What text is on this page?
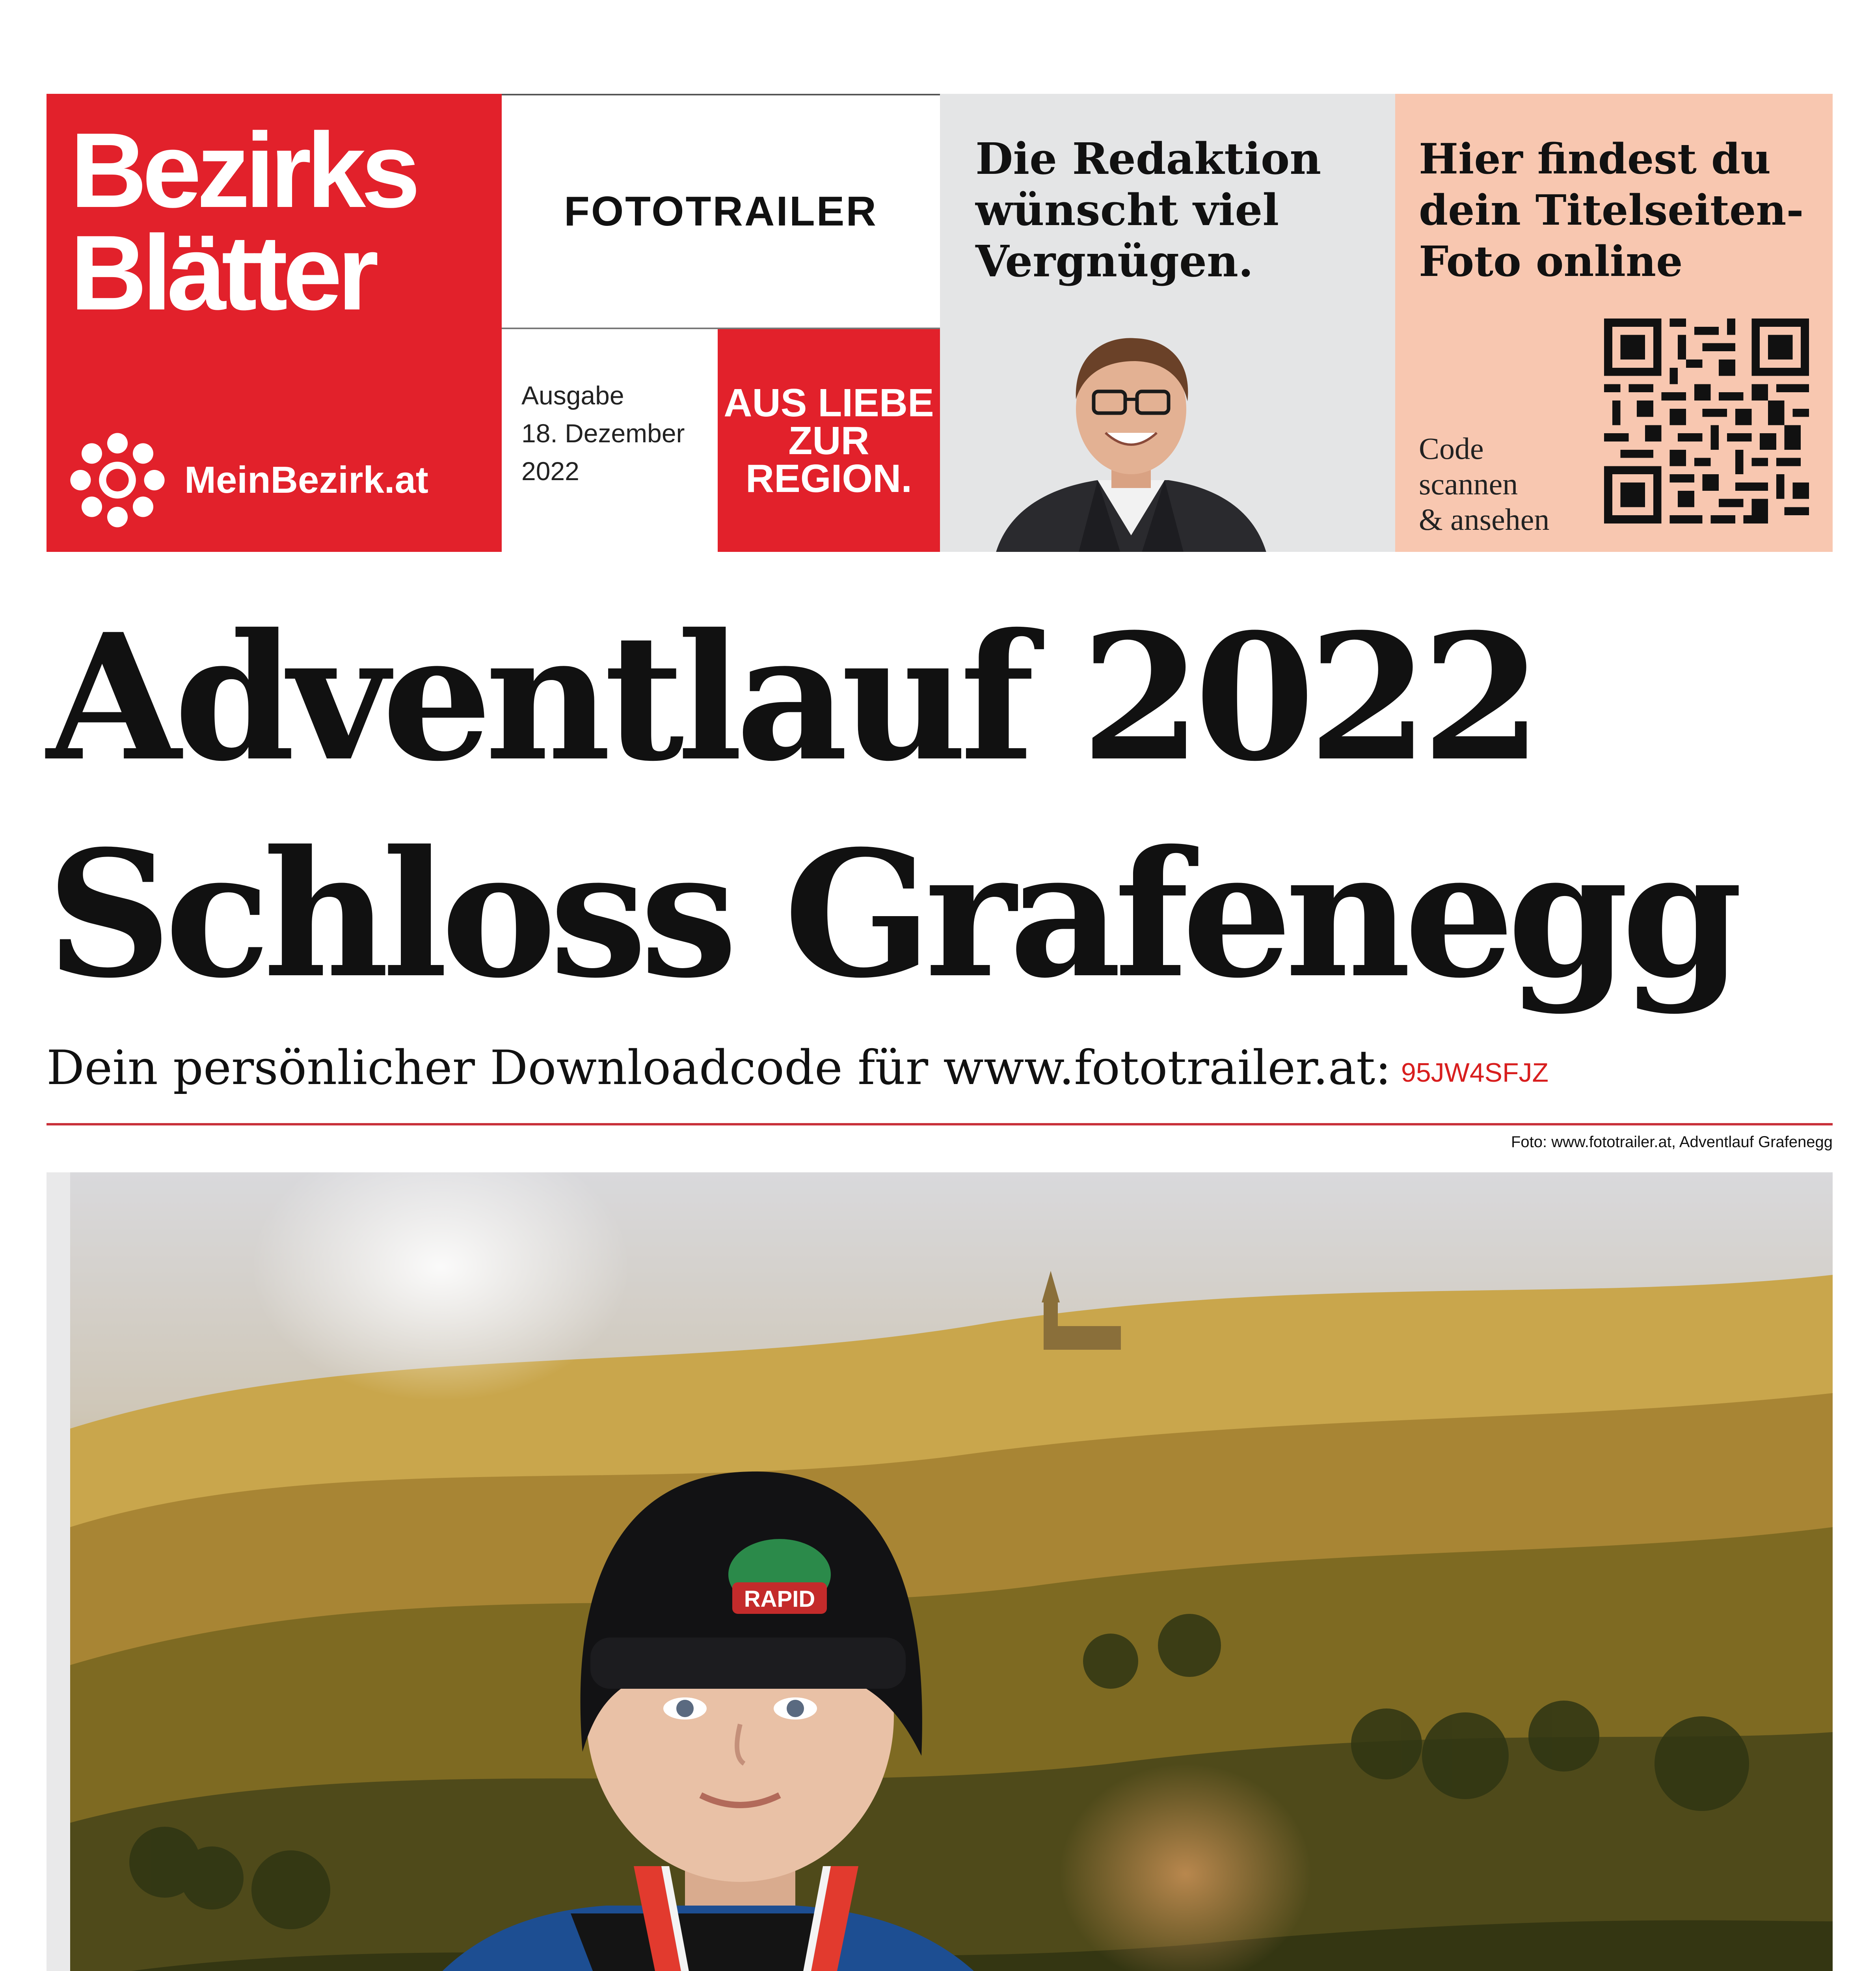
Bezirks
Blätter
MeinBezirk.at
FOTOTRAILER
Ausgabe
18. Dezember
2022
AUS LIEBE
ZUR
REGION.
Die Redaktion
wünscht viel
Vergnügen.
Hier findest du
dein Titelseiten-
Foto online
Code
scannen
& ansehen
Adventlauf 2022
Schloss Grafenegg
Dein persönlicher Downloadcode für www.fototrailer.at: 95JW4SFJZ
Foto: www.fototrailer.at, Adventlauf Grafenegg
RAPID
